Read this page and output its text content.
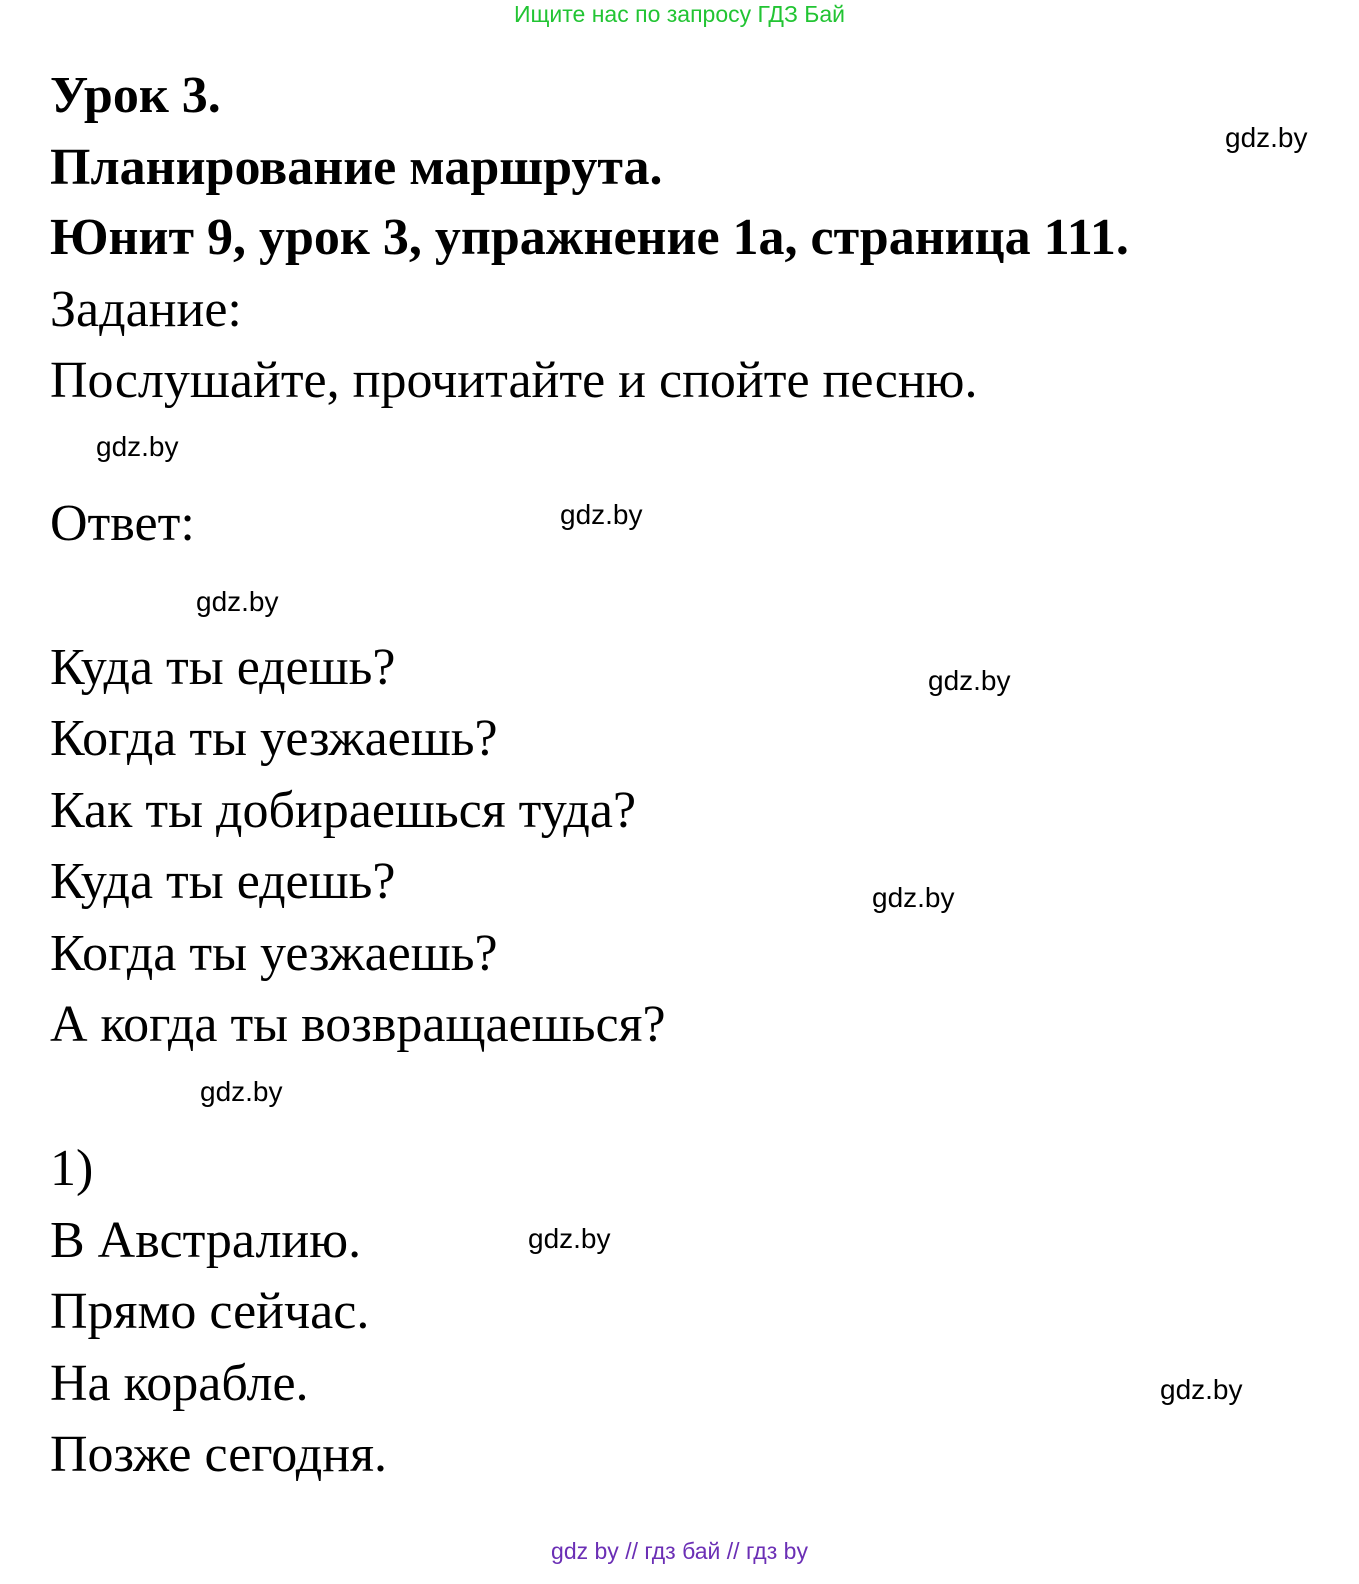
Ищите нас по запросу ГДЗ Бай
Урок 3.
Планирование маршрута.
Юнит 9, урок 3, упражнение 1а, страница 111.
Задание:
Послушайте, прочитайте и спойте песню.
Ответ:
Куда ты едешь?
Когда ты уезжаешь?
Как ты добираешься туда?
Куда ты едешь?
Когда ты уезжаешь?
А когда ты возвращаешься?
1)
В Австралию.
Прямо сейчас.
На корабле.
Позже сегодня.
gdz.by
gdz.by
gdz.by
gdz.by
gdz.by
gdz.by
gdz.by
gdz.by
gdz.by
gdz by // гдз бай // гдз by
